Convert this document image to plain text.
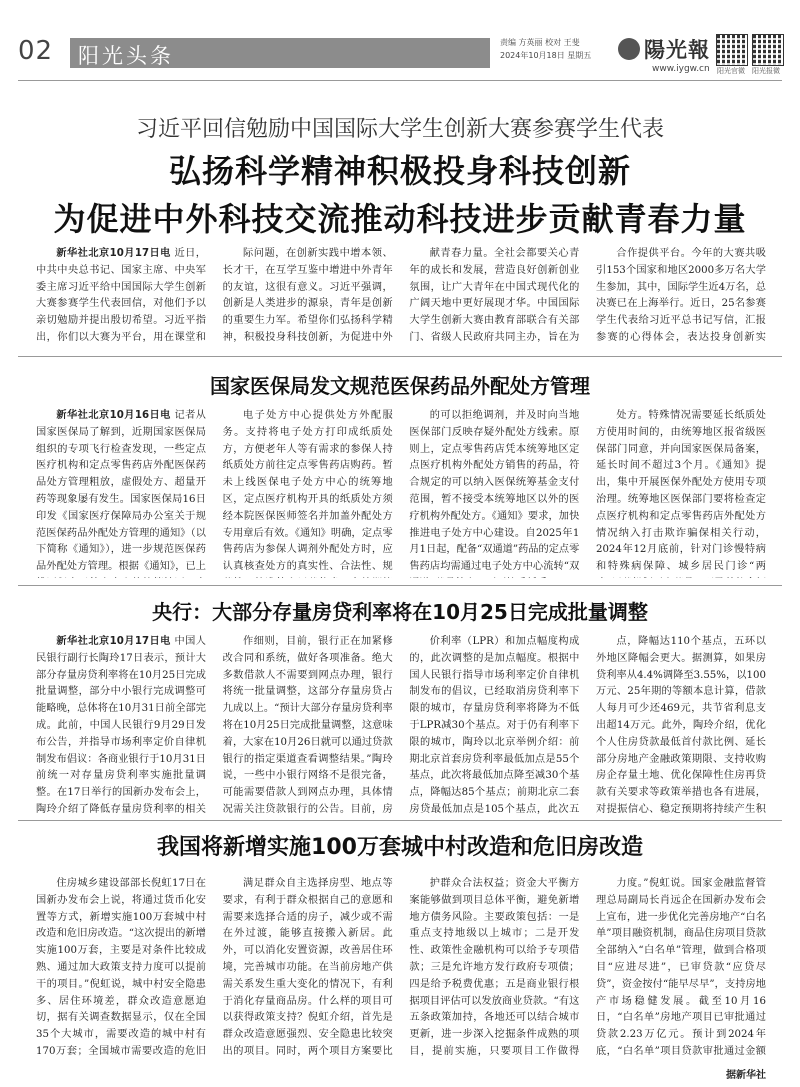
02 阳光头条
责编 方英丽 校对 王斐
2024年10月18日 星期五	陽光報
www.iygw.cn 阳光官微 阳光报微
习近平回信勉励中国国际大学生创新大赛参赛学生代表
弘扬科学精神积极投身科技创新
为促进中外科技交流推动科技进步贡献青春力量

新华社北京10月17日电 近日，中共中央总书记、国家主席、中央军委主席习近平给中国国际大学生创新大赛参赛学生代表回信，对他们予以亲切勉励并提出殷切希望。习近平指出，你们以大赛为平台，用在课堂和

际问题，在创新实践中增本领、长才干，在互学互鉴中增进中外青年的友谊，这很有意义。习近平强调，创新是人类进步的源泉，青年是创新的重要生力军。希望你们弘扬科学精神，积极投身科技创新，为促进中外

献青春力量。全社会都要关心青年的成长和发展，营造良好创新创业氛围，让广大青年在中国式现代化的广阔天地中更好展现才华。中国国际大学生创新大赛由教育部联合有关部门、省级人民政府共同主办，旨在为

合作提供平台。今年的大赛共吸引153个国家和地区2000多万名大学生参加，其中，国际学生近4万名，总决赛已在上海举行。近日，25名参赛学生代表给习近平总书记写信，汇报参赛的心得体会，表达投身创新实

国家医保局发文规范医保药品外配处方管理

新华社北京10月16日电 记者从国家医保局了解到，近期国家医保局组织的专项飞行检查发现，一些定点医疗机构和定点零售药店外配医保药品处方管理粗放，虚假处方、超量开药等现象屡有发生。国家医保局16日印发《国家医疗保障局办公室关于规范医保药品外配处方管理的通知》（以下简称《通知》），进一步规范医保药品外配处方管理。根据《通知》，已上

电子处方中心提供处方外配服务。支持将电子处方打印成纸质处方，方便老年人等有需求的参保人持纸质处方前往定点零售药店购药。暂未上线医保电子处方中心的统筹地区，定点医疗机构开具的纸质处方须经本院医保医师签名并加盖外配处方专用章后有效。《通知》明确，定点零售药店为参保人调剂外配处方时，应认真核查处方的真实性、合法性、规

的可以拒绝调剂，并及时向当地医保部门反映存疑外配处方线索。原则上，定点零售药店凭本统筹地区定点医疗机构外配处方销售的药品，符合规定的可以纳入医保统筹基金支付范围，暂不接受本统筹地区以外的医疗机构外配处方。《通知》要求，加快推进电子处方中心建设。自2025年1月1日起，配备“双通道”药品的定点零售药店均需通过电子处方中心流转“双

处方。特殊情况需要延长纸质处方使用时间的，由统筹地区报省级医保部门同意，并向国家医保局备案，延长时间不超过3个月。《通知》提出，集中开展医保外配处方使用专项治理。统筹地区医保部门要将检查定点医疗机构和定点零售药店外配处方情况纳入打击欺诈骗保相关行动，2024年12月底前，针对门诊慢特病和特殊病保障、城乡居民门诊“两

央行：大部分存量房贷利率将在10月25日完成批量调整

新华社北京10月17日电 中国人民银行副行长陶玲17日表示，预计大部分存量房贷利率将在10月25日完成批量调整，部分中小银行完成调整可能略晚，总体将在10月31日前全部完成。此前，中国人民银行9月29日发布公告，并指导市场利率定价自律机制发布倡议：各商业银行于10月31日前统一对存量房贷利率实施批量调整。在17日举行的国新办发布会上，陶玲介绍了降低存量房贷利率的相关

作细则，目前，银行正在加紧修改合同和系统，做好各项准备。绝大多数借款人不需要到网点办理，银行将统一批量调整，这部分存量房贷占九成以上。“预计大部分存量房贷利率将在10月25日完成批量调整，这意味着，大家在10月26日就可以通过贷款银行的指定渠道查看调整结果。”陶玲说，一些中小银行网络不是很完备，可能需要借款人到网点办理，具体情况需关注贷款银行的公告。目前，房

价利率（LPR）和加点幅度构成的，此次调整的是加点幅度。根据中国人民银行指导市场利率定价自律机制发布的倡议，已经取消房贷利率下限的城市，存量房贷利率将降为不低于LPR减30个基点。对于仍有利率下限的城市，陶玲以北京举例介绍：前期北京首套房贷利率最低加点是55个基点，此次将最低加点降至减30个基点，降幅达85个基点；前期北京二套房贷最低加点是105个基点，此次五

点，降幅达110个基点，五环以外地区降幅会更大。据测算，如果房贷利率从4.4%调降至3.55%，以100万元、25年期的等额本息计算，借款人每月可少还469元，共节省利息支出超14万元。此外，陶玲介绍，优化个人住房贷款最低首付款比例、延长部分房地产金融政策期限、支持收购房企存量土地、优化保障性住房再贷款有关要求等政策举措也各有进展，对提振信心、稳定预期将持续产生积

我国将新增实施100万套城中村改造和危旧房改造

住房城乡建设部部长倪虹17日在国新办发布会上说，将通过货币化安置等方式，新增实施100万套城中村改造和危旧房改造。“这次提出的新增实施100万套，主要是对条件比较成熟、通过加大政策支持力度可以提前干的项目。”倪虹说，城中村安全隐患多、居住环境差，群众改造意愿迫切，据有关调查数据显示，仅在全国35个大城市，需要改造的城中村有170万套；全国城市需要改造的危旧

满足群众自主选择房型、地点等要求，有利于群众根据自己的意愿和需要来选择合适的房子，减少或不需在外过渡，能够直接搬入新居。此外，可以消化安置资源，改善居住环境，完善城市功能。在当前房地产供需关系发生重大变化的情况下，有利于消化存量商品房。什么样的项目可以获得政策支持？倪虹介绍，首先是群众改造意愿强烈、安全隐患比较突出的项目。同时，两个项目方案要比

护群众合法权益；资金大平衡方案能够做到项目总体平衡，避免新增地方债务风险。主要政策包括：一是重点支持地级以上城市；二是开发性、政策性金融机构可以给予专项借款；三是允许地方发行政府专项债；四是给予税费优惠；五是商业银行根据项目评估可以发放商业贷款。“有这五条政策加持，各地还可以结合城市更新，进一步深入挖掘条件成熟的项目，提前实施，只要项目工作做得

力度。”倪虹说。国家金融监督管理总局副局长肖远企在国新办发布会上宣布，进一步优化完善房地产“白名单”项目融资机制，商品住房项目贷款全部纳入“白名单”管理，做到合格项目“应进尽进”，已审贷款“应贷尽贷”，资金按付“能早尽早”，支持房地产市场稳健发展。截至10月16日，“白名单”房地产项目已审批通过贷款2.23万亿元。预计到2024年底，“白名单”项目贷款审批通过金额

据新华社
